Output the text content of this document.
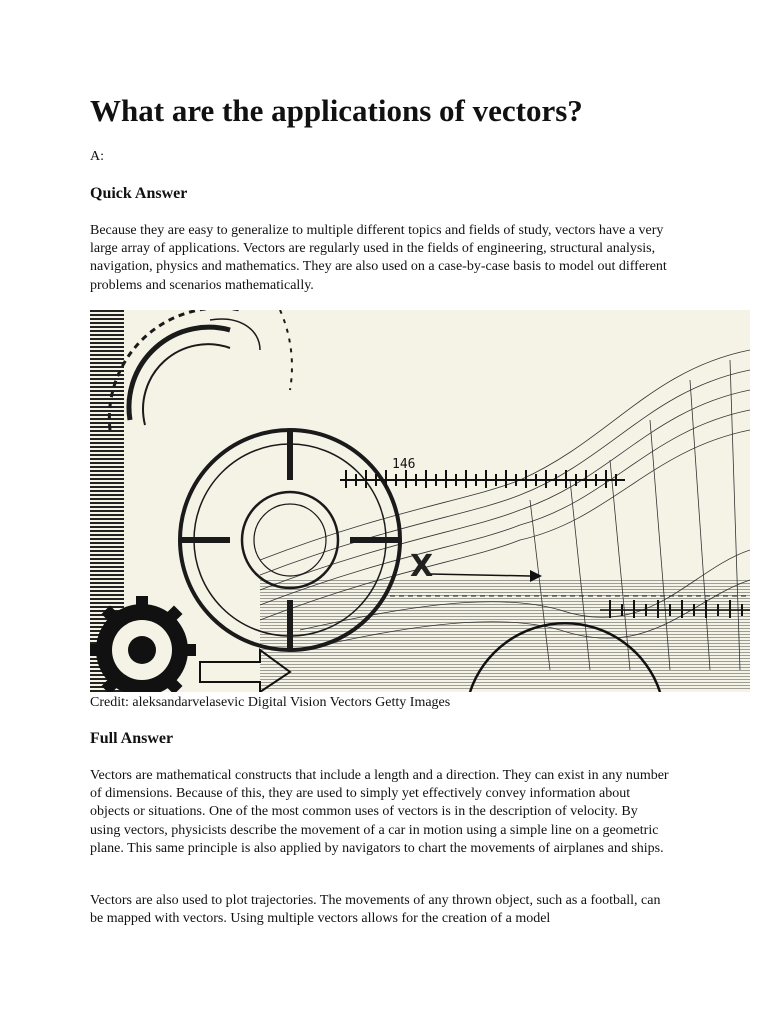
What are the applications of vectors?
A:
Quick Answer

Because they are easy to generalize to multiple different topics and fields of study, vectors have a very large array of applications. Vectors are regularly used in the fields of engineering, structural analysis, navigation, physics and mathematics. They are also used on a case-by-case basis to model out different problems and scenarios mathematically.

146
X
Credit: aleksandarvelasevic Digital Vision Vectors Getty Images
Full Answer

Vectors are mathematical constructs that include a length and a direction. They can exist in any number of dimensions. Because of this, they are used to simply yet effectively convey information about objects or situations. One of the most common uses of vectors is in the description of velocity. By using vectors, physicists describe the movement of a car in motion using a simple line on a geometric plane. This same principle is also applied by navigators to chart the movements of airplanes and ships.

Vectors are also used to plot trajectories. The movements of any thrown object, such as a football, can be mapped with vectors. Using multiple vectors allows for the creation of a model
